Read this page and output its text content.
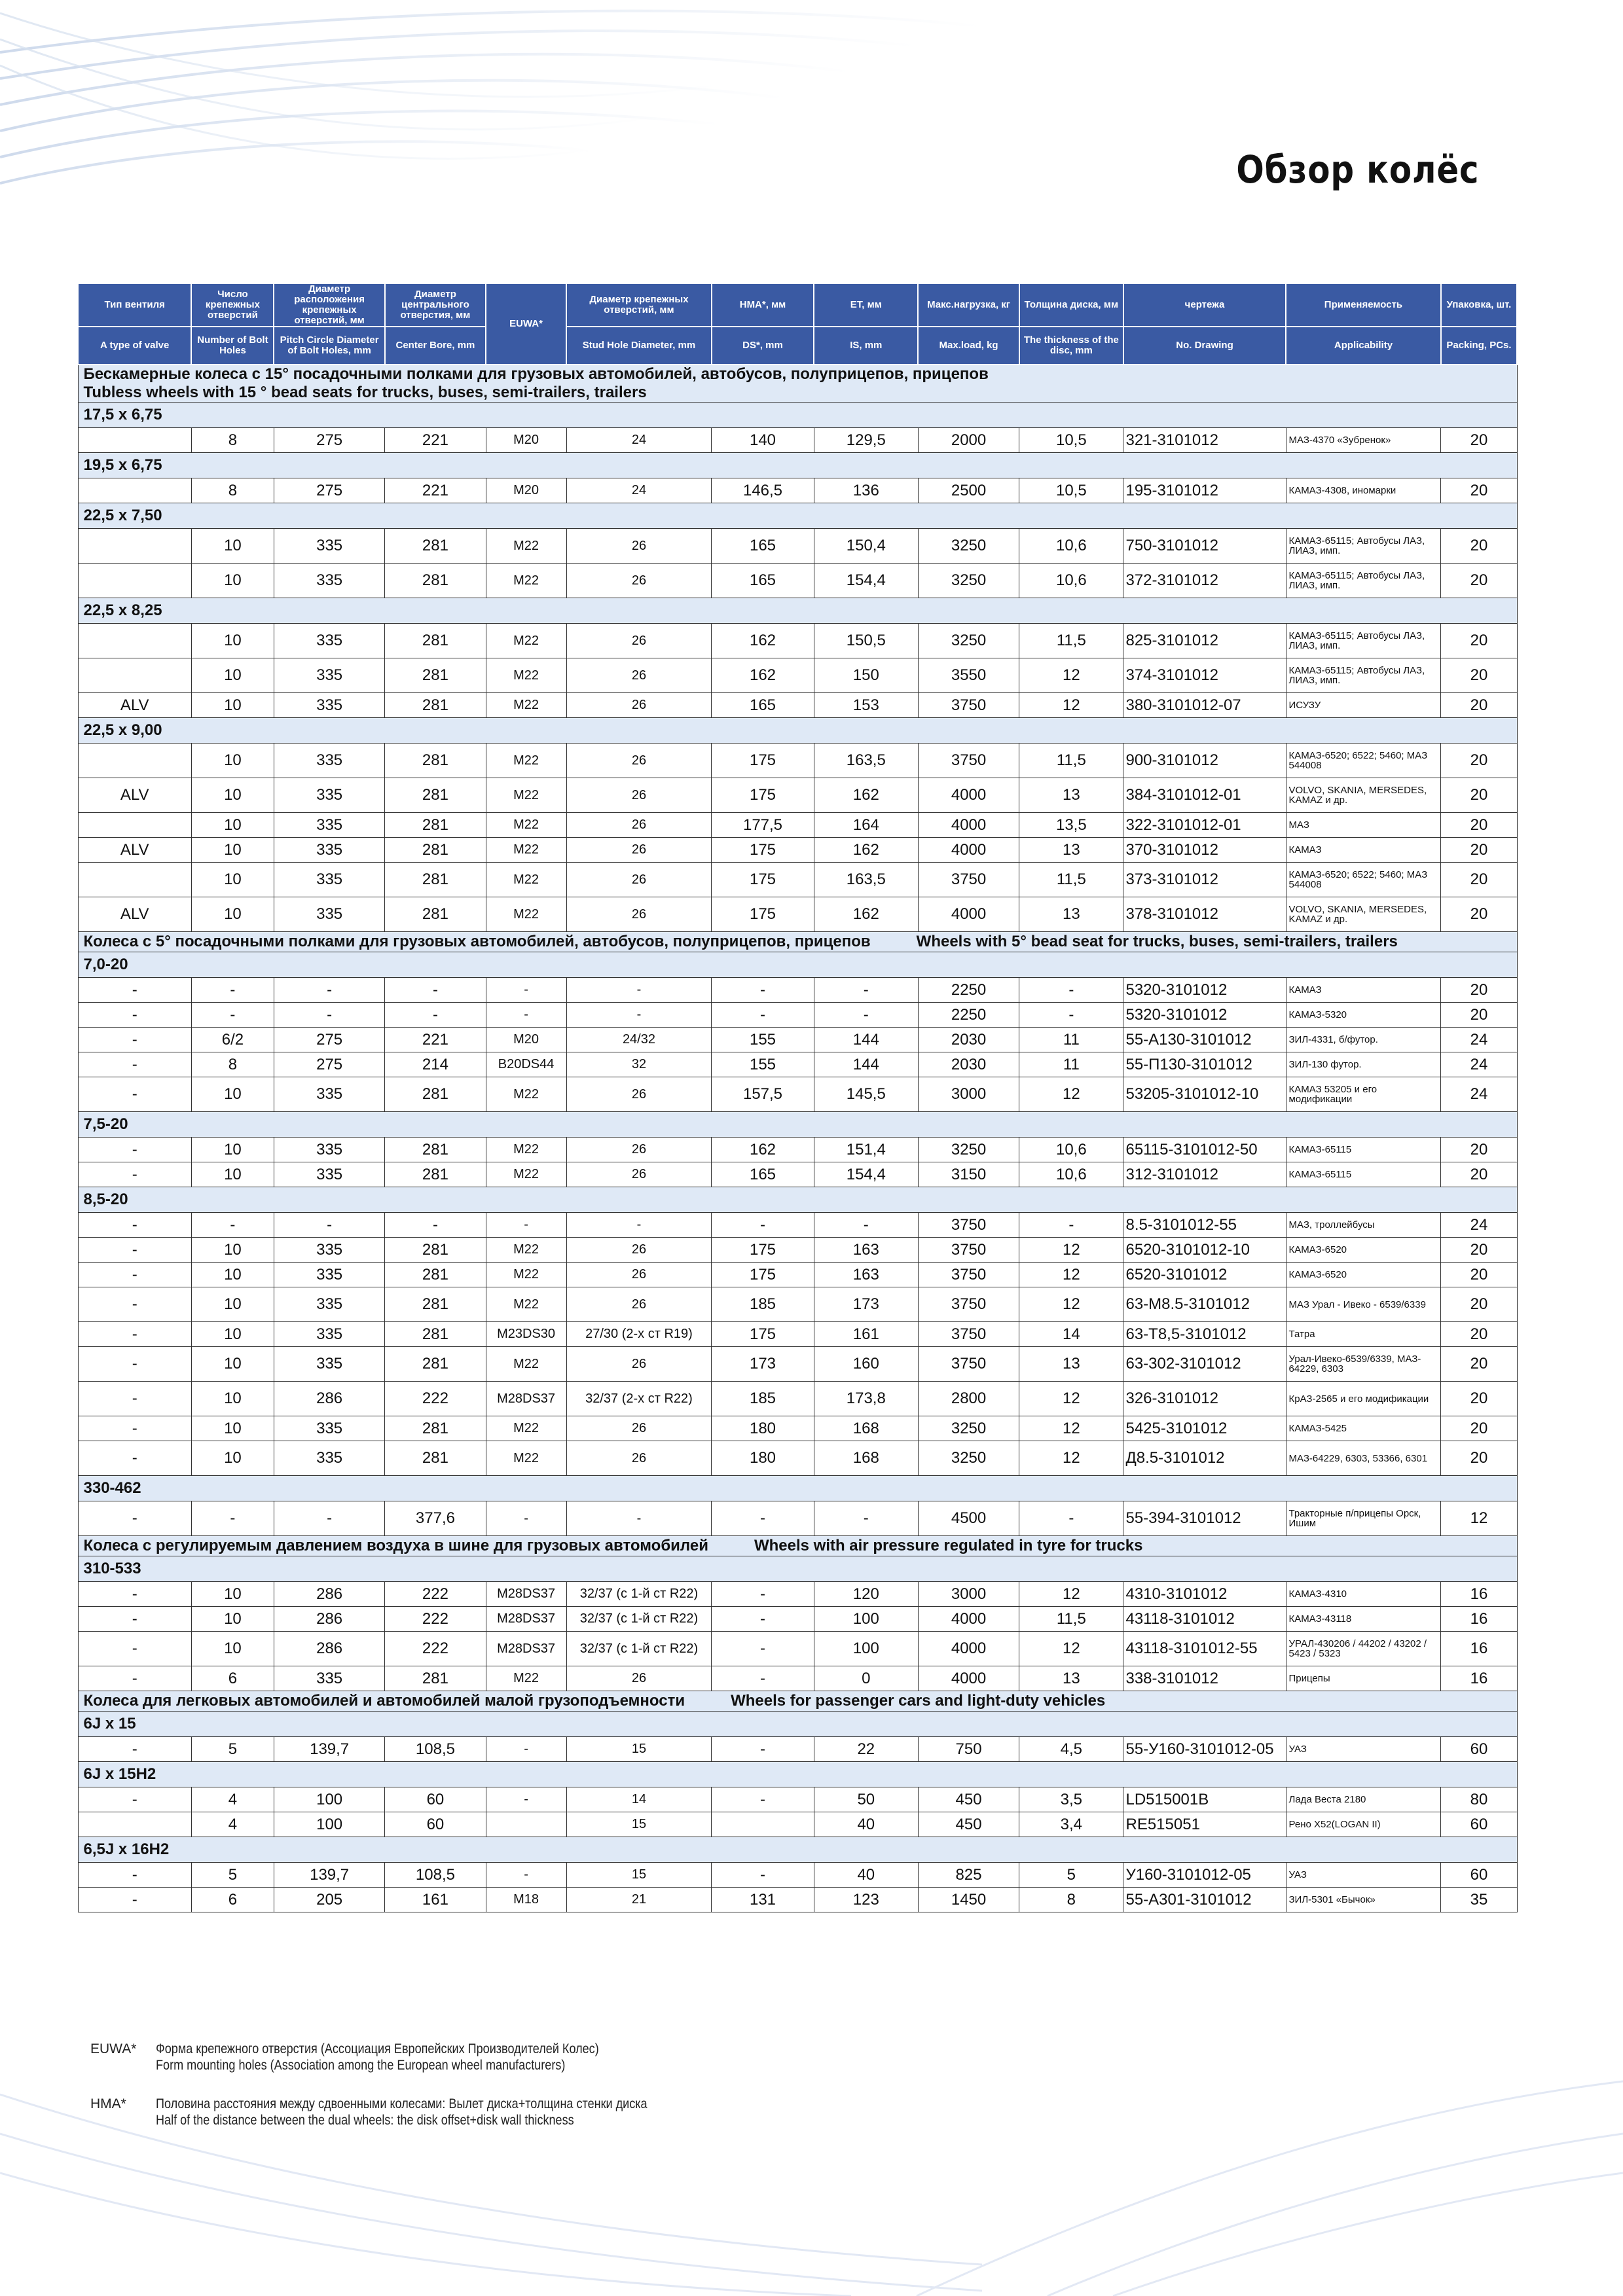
Обзор колёс
Тип вентиля	Число крепежных отверстий	Диаметр расположения крепежных отверстий, мм	Диаметр центрального отверстия, мм	EUWA*	Диаметр крепежных отверстий, мм	HMA*, мм	ET, мм	Макс.нагрузка, кг	Толщина диска, мм	чертежа	Применяемость	Упаковка, шт.
A type of valve	Number of Bolt Holes	Pitch Circle Diameter of Bolt Holes, mm	Center Bore, mm		Stud Hole Diameter, mm	DS*, mm	IS, mm	Max.load, kg	The thickness of the disc, mm	No. Drawing	Applicability	Packing, PCs.
Бескамерные колеса с 15° посадочными полками для грузовых автомобилей, автобусов, полуприцепов, прицепов
Tubless wheels with 15 ° bead seats for trucks, buses, semi-trailers, trailers												
17,5 x 6,75												
	8	275	221	M20	24	140	129,5	2000	10,5	321-3101012	МАЗ-4370 «Зубренок»	20
19,5 x 6,75												
	8	275	221	M20	24	146,5	136	2500	10,5	195-3101012	КАМАЗ-4308, иномарки	20
22,5 x 7,50												
	10	335	281	M22	26	165	150,4	3250	10,6	750-3101012	КАМАЗ-65115; Автобусы ЛАЗ, ЛИАЗ, имп.	20
	10	335	281	M22	26	165	154,4	3250	10,6	372-3101012	КАМАЗ-65115; Автобусы ЛАЗ, ЛИАЗ, имп.	20
22,5 x 8,25												
	10	335	281	M22	26	162	150,5	3250	11,5	825-3101012	КАМАЗ-65115; Автобусы ЛАЗ, ЛИАЗ, имп.	20
	10	335	281	M22	26	162	150	3550	12	374-3101012	КАМАЗ-65115; Автобусы ЛАЗ, ЛИАЗ, имп.	20
ALV	10	335	281	M22	26	165	153	3750	12	380-3101012-07	ИСУЗУ	20
22,5 x 9,00												
	10	335	281	M22	26	175	163,5	3750	11,5	900-3101012	КАМАЗ-6520; 6522; 5460; МАЗ 544008	20
ALV	10	335	281	M22	26	175	162	4000	13	384-3101012-01	VOLVO, SKANIA, MERSEDES, KAMAZ и др.	20
	10	335	281	M22	26	177,5	164	4000	13,5	322-3101012-01	МАЗ	20
ALV	10	335	281	M22	26	175	162	4000	13	370-3101012	КАМАЗ	20
	10	335	281	M22	26	175	163,5	3750	11,5	373-3101012	КАМАЗ-6520; 6522; 5460; МАЗ 544008	20
ALV	10	335	281	M22	26	175	162	4000	13	378-3101012	VOLVO, SKANIA, MERSEDES, KAMAZ и др.	20
Колеса с 5° посадочными полками для грузовых автомобилей, автобусов, полуприцепов, прицепов Wheels with 5° bead seat for trucks, buses, semi-trailers, trailers												
7,0-20												
-	-	-	-	-	-	-	-	2250	-	5320-3101012	КАМАЗ	20
-	-	-	-	-	-	-	-	2250	-	5320-3101012	КАМАЗ-5320	20
-	6/2	275	221	M20	24/32	155	144	2030	11	55-А130-3101012	ЗИЛ-4331, б/футор.	24
-	8	275	214	B20DS44	32	155	144	2030	11	55-П130-3101012	ЗИЛ-130 футор.	24
-	10	335	281	M22	26	157,5	145,5	3000	12	53205-3101012-10	КАМАЗ 53205 и его модификации	24
7,5-20												
-	10	335	281	M22	26	162	151,4	3250	10,6	65115-3101012-50	КАМАЗ-65115	20
-	10	335	281	M22	26	165	154,4	3150	10,6	312-3101012	КАМАЗ-65115	20
8,5-20												
-	-	-	-	-	-	-	-	3750	-	8.5-3101012-55	МАЗ, троллейбусы	24
-	10	335	281	M22	26	175	163	3750	12	6520-3101012-10	КАМАЗ-6520	20
-	10	335	281	M22	26	175	163	3750	12	6520-3101012	КАМАЗ-6520	20
-	10	335	281	M22	26	185	173	3750	12	63-М8.5-3101012	МАЗ Урал - Ивеко - 6539/6339	20
-	10	335	281	M23DS30	27/30 (2-х ст R19)	175	161	3750	14	63-Т8,5-3101012	Татра	20
-	10	335	281	M22	26	173	160	3750	13	63-302-3101012	Урал-Ивеко-6539/6339, МАЗ- 64229, 6303	20
-	10	286	222	M28DS37	32/37 (2-х ст R22)	185	173,8	2800	12	326-3101012	КрАЗ-2565 и его модификации	20
-	10	335	281	M22	26	180	168	3250	12	5425-3101012	КАМАЗ-5425	20
-	10	335	281	M22	26	180	168	3250	12	Д8.5-3101012	МАЗ-64229, 6303, 53366, 6301	20
330-462												
-	-	-	377,6	-	-	-	-	4500	-	55-394-3101012	Тракторные п/прицепы Орск, Ишим	12
Колеса с регулируемым давлением воздуха в шине для грузовых автомобилей Wheels with air pressure regulated in tyre for trucks												
310-533												
-	10	286	222	M28DS37	32/37 (с 1-й ст R22)	-	120	3000	12	4310-3101012	КАМАЗ-4310	16
-	10	286	222	M28DS37	32/37 (с 1-й ст R22)	-	100	4000	11,5	43118-3101012	КАМАЗ-43118	16
-	10	286	222	M28DS37	32/37 (с 1-й ст R22)	-	100	4000	12	43118-3101012-55	УРАЛ-430206 / 44202 / 43202 / 5423 / 5323	16
-	6	335	281	M22	26	-	0	4000	13	338-3101012	Прицепы	16
Колеса для легковых автомобилей и автомобилей малой грузоподъемности Wheels for passenger cars and light-duty vehicles												
6J x 15												
-	5	139,7	108,5	-	15	-	22	750	4,5	55-У160-3101012-05	УАЗ	60
6J x 15H2												
-	4	100	60	-	14	-	50	450	3,5	LD515001B	Лада Веста 2180	80
	4	100	60		15		40	450	3,4	RE515051	Рено X52(LOGAN II)	60
6,5J x 16H2												
-	5	139,7	108,5	-	15	-	40	825	5	У160-3101012-05	УАЗ	60
-	6	205	161	M18	21	131	123	1450	8	55-А301-3101012	ЗИЛ-5301 «Бычок»	35
EUWA*	Форма крепежного отверстия (Ассоциация Европейских Производителей Колес)
Form mounting holes (Association among the European wheel manufacturers)
HMA*	Половина расстояния между сдвоенными колесами: Вылет диска+толщина стенки диска
Half of the distance between the dual wheels: the disk offset+disk wall thickness
